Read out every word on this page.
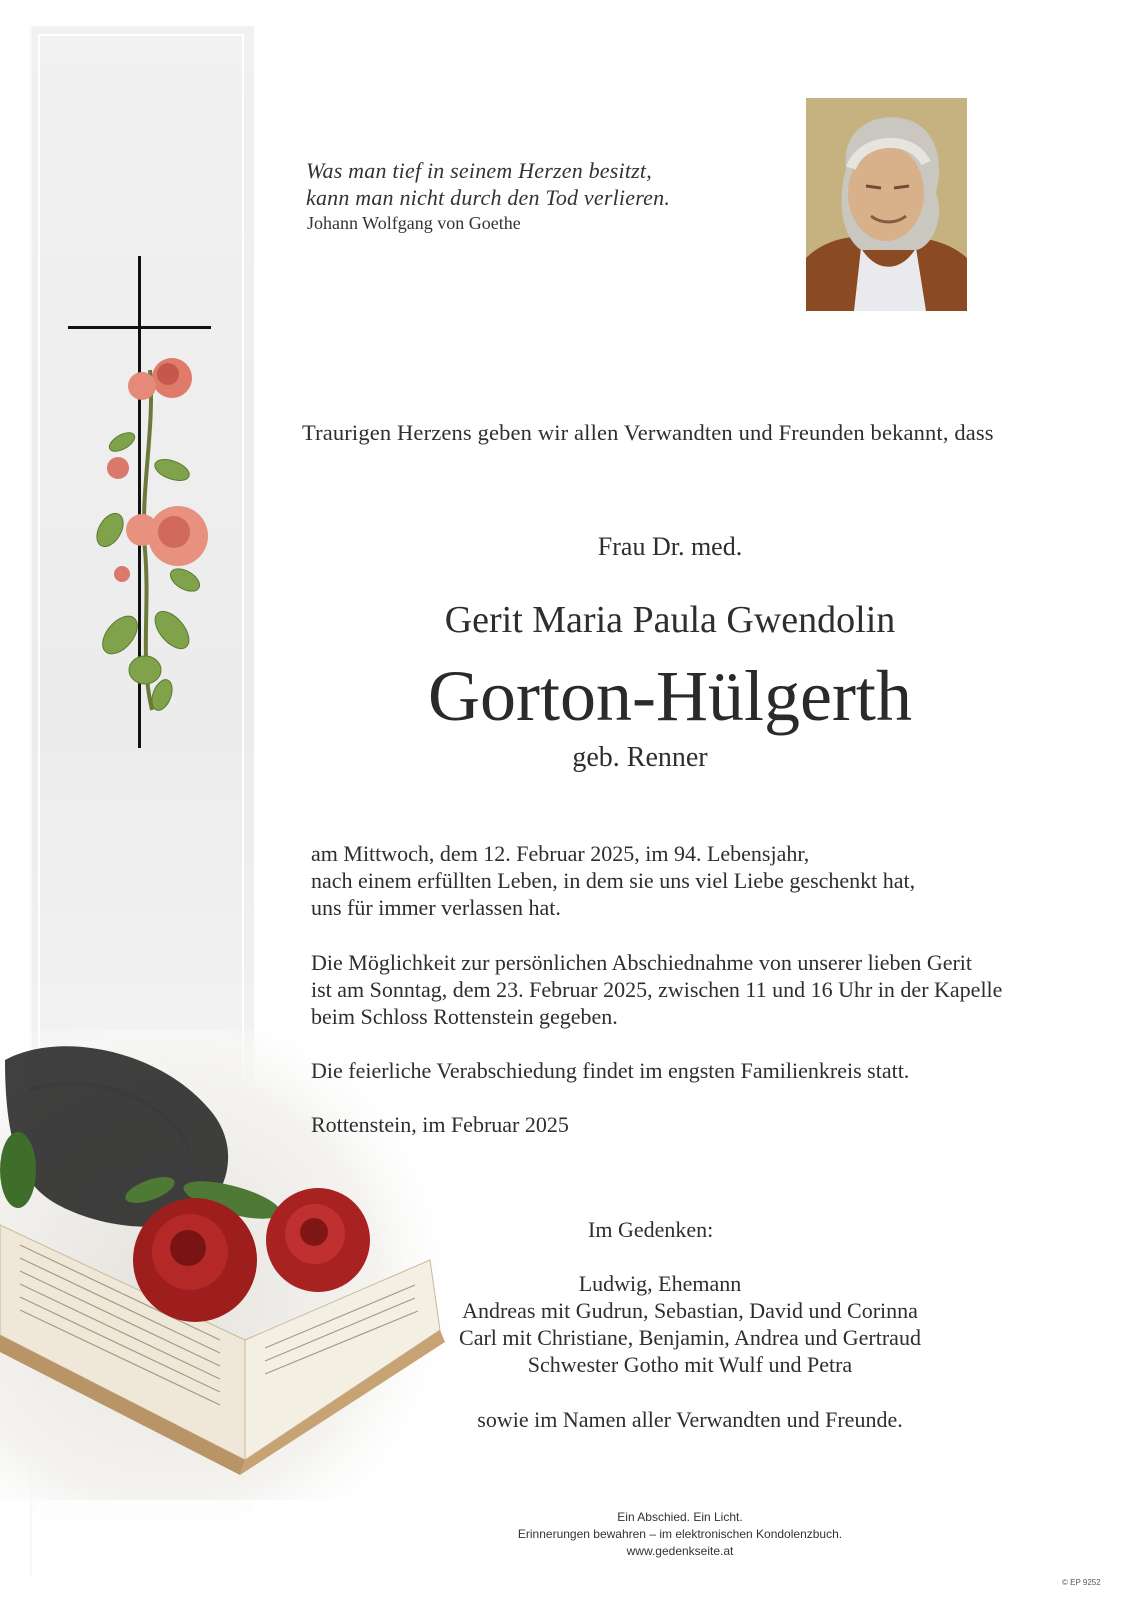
Was man tief in seinem Herzen besitzt,
kann man nicht durch den Tod verlieren.
Johann Wolfgang von Goethe
Traurigen Herzens geben wir allen Verwandten und Freunden bekannt, dass
Frau Dr. med.
Gerit Maria Paula Gwendolin
Gorton-Hülgerth
geb. Renner
am Mittwoch, dem 12. Februar 2025, im 94. Lebensjahr,
nach einem erfüllten Leben, in dem sie uns viel Liebe geschenkt hat,
uns für immer verlassen hat.
Die Möglichkeit zur persönlichen Abschiednahme von unserer lieben Gerit
ist am Sonntag, dem 23. Februar 2025, zwischen 11 und 16 Uhr in der Kapelle
beim Schloss Rottenstein gegeben.
Die feierliche Verabschiedung findet im engsten Familienkreis statt.
Rottenstein, im Februar 2025
Im Gedenken:
Ludwig, Ehemann
Andreas mit Gudrun, Sebastian, David und Corinna
Carl mit Christiane, Benjamin, Andrea und Gertraud
Schwester Gotho mit Wulf und Petra
sowie im Namen aller Verwandten und Freunde.
Ein Abschied. Ein Licht.
Erinnerungen bewahren – im elektronischen Kondolenzbuch.
www.gedenkseite.at
© EP 9252
